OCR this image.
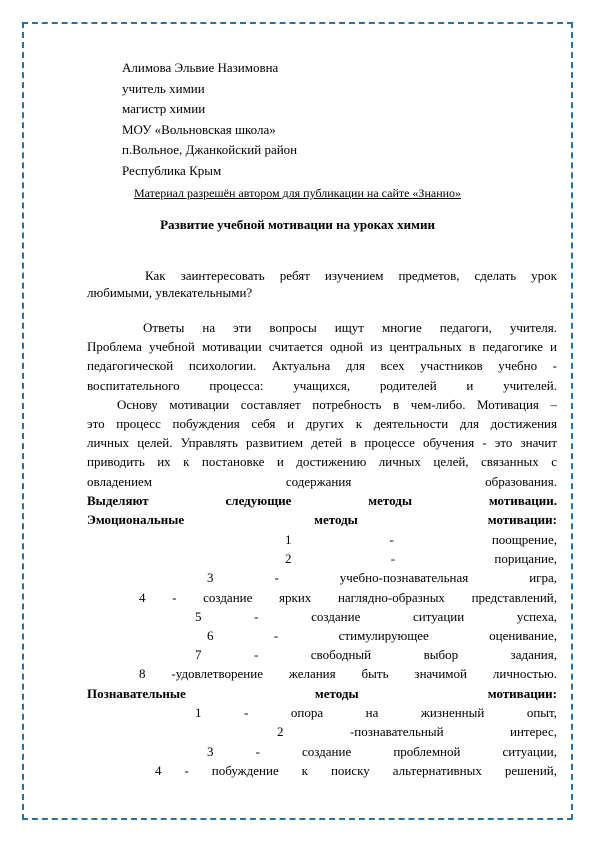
Алимова Эльвие Назимовна
учитель химии
магистр химии
МОУ «Вольновская школа»
п.Вольное, Джанкойский район
Республика Крым
Материал разрешён автором для публикации на сайте «Знанио»
Развитие учебной мотивации на уроках химии
Как заинтересовать ребят изучением предметов, сделать урок
любимыми, увлекательными?
Ответы на эти вопросы ищут многие педагоги, учителя.
Проблема учебной мотивации считается одной из центральных в педагогике и
педагогической психологии. Актуальна для всех участников учебно -
воспитательного процесса: учащихся, родителей и учителей.
Основу мотивации составляет потребность в чем-либо. Мотивация –
это процесс побуждения себя и других к деятельности для достижения
личных целей. Управлять развитием детей в процессе обучения - это значит
приводить их к постановке и достижению личных целей, связанных с
овладением содержания образования.
Выделяют следующие методы мотивации.
Эмоциональные методы мотивации:
1 - поощрение,
2 - порицание,
3 - учебно-познавательная игра,
4 - создание ярких наглядно-образных представлений,
5 - создание ситуации успеха,
6 - стимулирующее оценивание,
7 - свободный выбор задания,
8 -удовлетворение желания быть значимой личностью.
Познавательные методы мотивации:
1 - опора на жизненный опыт,
2 -познавательный интерес,
3 - создание проблемной ситуации,
4 - побуждение к поиску альтернативных решений,
